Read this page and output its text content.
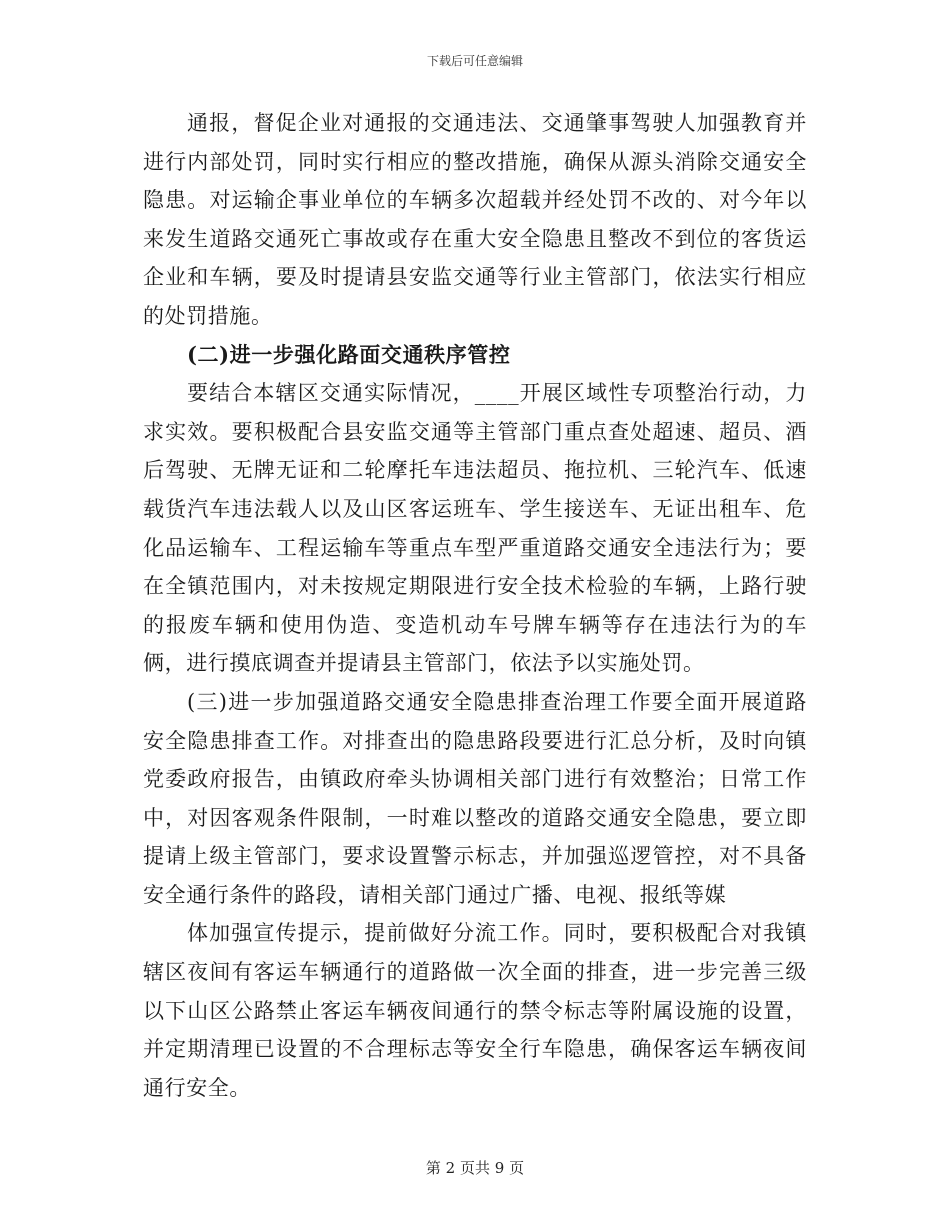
下载后可任意编辑

通报，督促企业对通报的交通违法、交通肇事驾驶人加强教育并进行内部处罚，同时实行相应的整改措施，确保从源头消除交通安全隐患。对运输企事业单位的车辆多次超载并经处罚不改的、对今年以来发生道路交通死亡事故或存在重大安全隐患且整改不到位的客货运企业和车辆，要及时提请县安监交通等行业主管部门，依法实行相应的处罚措施。

(二)进一步强化路面交通秩序管控

要结合本辖区交通实际情况，____开展区域性专项整治行动，力求实效。要积极配合县安监交通等主管部门重点查处超速、超员、酒后驾驶、无牌无证和二轮摩托车违法超员、拖拉机、三轮汽车、低速载货汽车违法载人以及山区客运班车、学生接送车、无证出租车、危化品运输车、工程运输车等重点车型严重道路交通安全违法行为；要在全镇范围内，对未按规定期限进行安全技术检验的车辆，上路行驶的报废车辆和使用伪造、变造机动车号牌车辆等存在违法行为的车俩，进行摸底调查并提请县主管部门，依法予以实施处罚。

(三)进一步加强道路交通安全隐患排查治理工作要全面开展道路安全隐患排查工作。对排查出的隐患路段要进行汇总分析，及时向镇党委政府报告，由镇政府牵头协调相关部门进行有效整治；日常工作中，对因客观条件限制，一时难以整改的道路交通安全隐患，要立即提请上级主管部门，要求设置警示标志，并加强巡逻管控，对不具备安全通行条件的路段，请相关部门通过广播、电视、报纸等媒

体加强宣传提示，提前做好分流工作。同时，要积极配合对我镇辖区夜间有客运车辆通行的道路做一次全面的排查，进一步完善三级以下山区公路禁止客运车辆夜间通行的禁令标志等附属设施的设置，并定期清理已设置的不合理标志等安全行车隐患，确保客运车辆夜间通行安全。

第 2 页共 9 页
